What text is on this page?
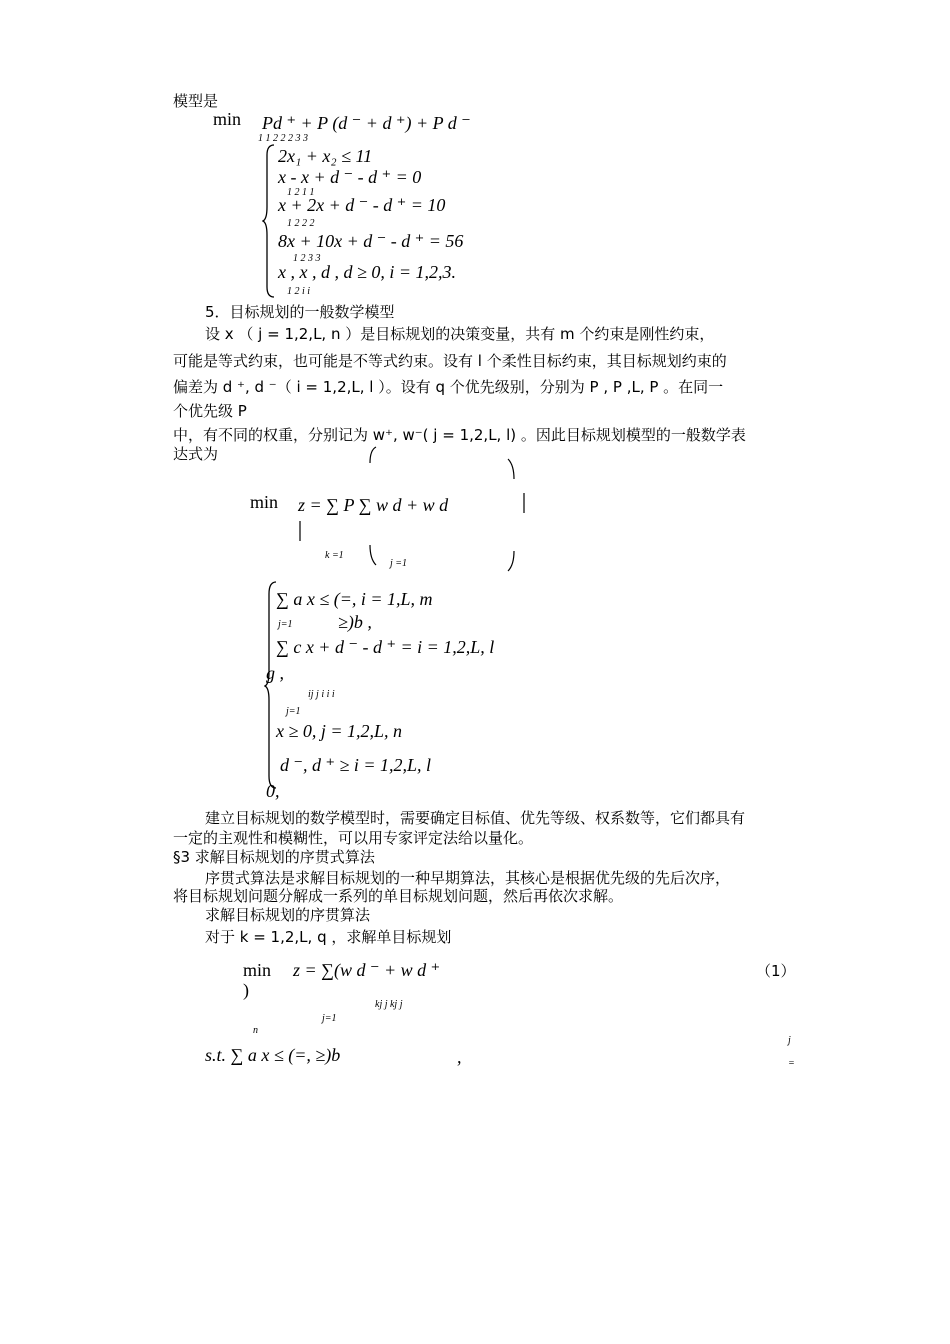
模型是
min Pd ⁺ + P (d ⁻ + d ⁺) + P d ⁻
1 1 2 2 2 3 3
2x₁ + x₂ ≤ 11
x - x + d ⁻ - d ⁺ = 0
1 2 1 1
x + 2x + d ⁻ - d ⁺ = 10
1 2 2 2
8x + 10x + d ⁻ - d ⁺ = 56
1 2 3 3
x , x , d , d ≥ 0, i = 1,2,3.
1 2 i i
5．目标规划的一般数学模型
设 x （ j = 1,2,L, n ）是目标规划的决策变量，共有 m 个约束是刚性约束，
可能是等式约束，也可能是不等式约束。设有 l 个柔性目标约束，其目标规划约束的
偏差为 d ⁺, d ⁻（ i = 1,2,L, l ）。设有 q 个优先级别，分别为 P , P ,L, P 。在同一
个优先级 P
中，有不同的权重，分别记为 w⁺, w⁻( j = 1,2,L, l) 。因此目标规划模型的一般数学表
达式为
min z = ∑ P ∑ w d + w d
k =1
j =1
∑ a x ≤ (=, i = 1,L, m
j=1	≥)b ,
∑ c x + d ⁻ - d ⁺ = i = 1,2,L, l
g ,
ij j i i i
j=1
x ≥ 0, j = 1,2,L, n
d ⁻, d ⁺ ≥ i = 1,2,L, l
0,
建立目标规划的数学模型时，需要确定目标值、优先等级、权系数等，它们都具有
一定的主观性和模糊性，可以用专家评定法给以量化。
§3 求解目标规划的序贯式算法
序贯式算法是求解目标规划的一种早期算法，其核心是根据优先级的先后次序，
将目标规划问题分解成一系列的单目标规划问题，然后再依次求解。
求解目标规划的序贯算法
对于 k = 1,2,L, q ，求解单目标规划
min z = ∑(w d ⁻ + w d ⁺
)
（1）
kj j kj j
j=1
n
s.t. ∑ a x ≤ (=, ≥)b	,
j
=
